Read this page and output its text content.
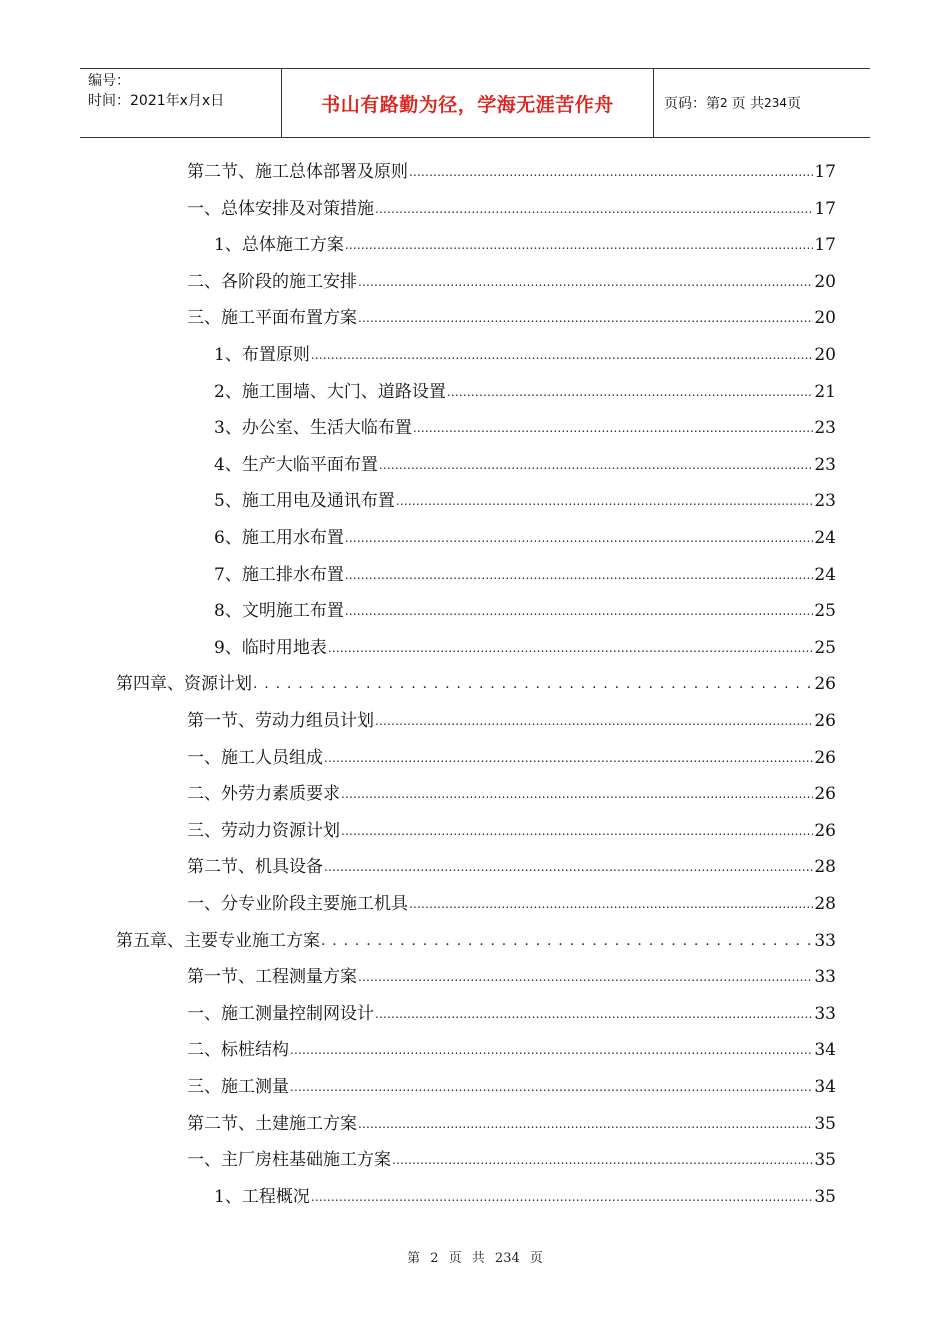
编号：
时间：2021年x月x日	书山有路勤为径，学海无涯苦作舟	页码：第 2 页 共 234 页
第二节、施工总体部署及原则 .....	17
一、总体安排及对策措施 .....	17
1、总体施工方案 .....	17
二、各阶段的施工安排 .....	20
三、施工平面布置方案 .....	20
1、布置原则 .....	20
2、施工围墙、大门、道路设置 .....	21
3、办公室、生活大临布置 .....	23
4、生产大临平面布置 .....	23
5、施工用电及通讯布置 .....	23
6、施工用水布置 .....	24
7、施工排水布置 .....	24
8、文明施工布置 .....	25
9、临时用地表 .....	25
第四章、资源计划 . . .	26
第一节、劳动力组员计划 .....	26
一、施工人员组成 .....	26
二、外劳力素质要求 .....	26
三、劳动力资源计划 .....	26
第二节、机具设备 .....	28
一、分专业阶段主要施工机具 .....	28
第五章、主要专业施工方案 . . .	33
第一节、工程测量方案 .....	33
一、施工测量控制网设计 .....	33
二、标桩结构 .....	34
三、施工测量 .....	34
第二节、土建施工方案 .....	35
一、主厂房柱基础施工方案 .....	35
1、工程概况 .....	35
第 2 页 共 234 页
